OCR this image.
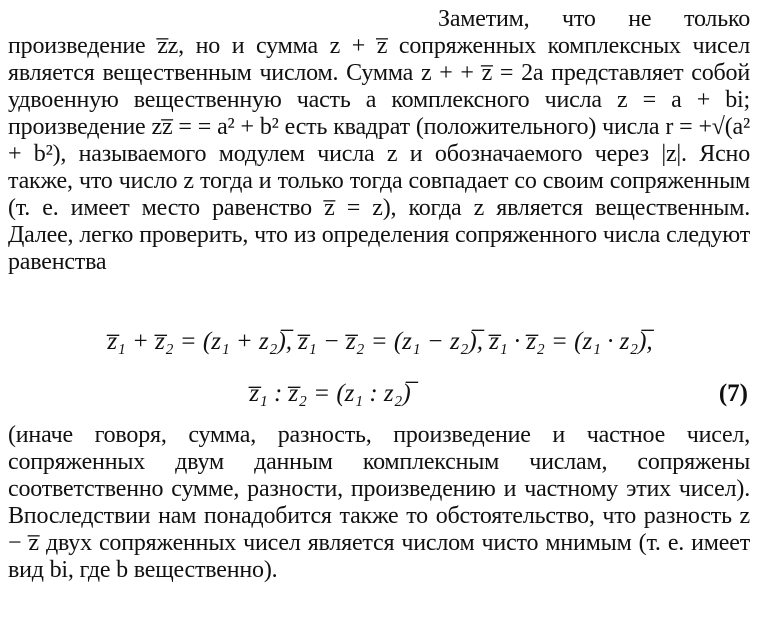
Заметим, что не только произведение z̅z, но и сумма z + z̅ сопряженных комплексных чисел является вещественным числом. Сумма z + + z̅ = 2a представляет собой удвоенную вещественную часть a комплексного числа z = a + bi; произведение zz̅ = = a² + b² есть квадрат (положительного) числа r = +√(a² + b²), называемого модулем числа z и обозначаемого через |z|. Ясно также, что число z тогда и только тогда совпадает со своим сопряженным (т. е. имеет место равенство z̅ = z), когда z является вещественным. Далее, легко проверить, что из определения сопряженного числа следуют равенства
z̅₁ + z̅₂ = (z₁ + z₂)̅, z̅₁ − z̅₂ = (z₁ − z₂)̅, z̅₁ · z̅₂ = (z₁ · z₂)̅,
z̅₁ : z̅₂ = (z₁ : z₂)̅	(7)
(иначе говоря, сумма, разность, произведение и частное чисел, сопряженных двум данным комплексным числам, сопряжены соответственно сумме, разности, произведению и частному этих чисел). Впоследствии нам понадобится также то обстоятельство, что разность z − z̅ двух сопряженных чисел является числом чисто мнимым (т. е. имеет вид bi, где b вещественно).
